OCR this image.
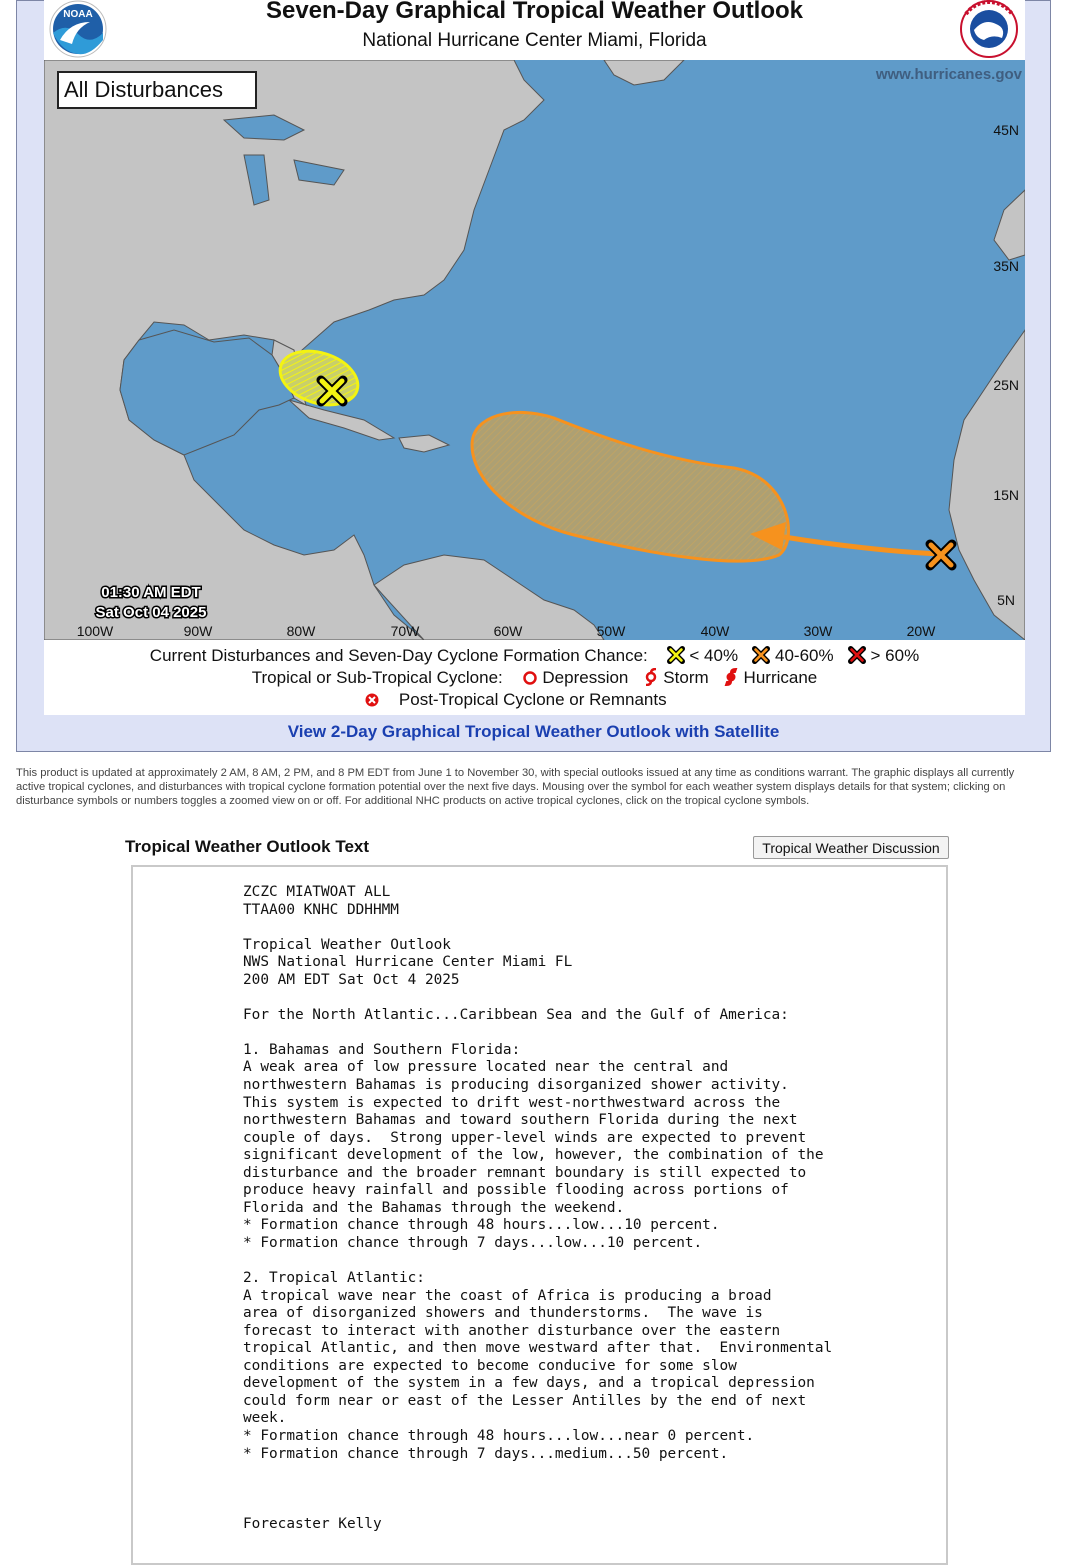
NOAA	Seven-Day Graphical Tropical Weather Outlook
National Hurricane Center Miami, Florida
All Disturbances
www.hurricanes.gov
45N
35N
25N
15N
5N
100W	90W	80W	70W	60W	50W	40W	30W	20W
01:30 AM EDT
Sat Oct 04 2025
Current Disturbances and Seven-Day Cyclone Formation Chance: < 40% 40-60% > 60%
Tropical or Sub-Tropical Cyclone: Depression Storm Hurricane
Post-Tropical Cyclone or Remnants
View 2-Day Graphical Tropical Weather Outlook with Satellite
This product is updated at approximately 2 AM, 8 AM, 2 PM, and 8 PM EDT from June 1 to November 30, with special outlooks issued at any time as conditions warrant. The graphic displays all currently active tropical cyclones, and disturbances with tropical cyclone formation potential over the next five days. Mousing over the symbol for each weather system displays details for that system; clicking on disturbance symbols or numbers toggles a zoomed view on or off. For additional NHC products on active tropical cyclones, click on the tropical cyclone symbols.
Tropical Weather Outlook Text	Tropical Weather Discussion
ZCZC MIATWOAT ALL
TTAA00 KNHC DDHHMM

Tropical Weather Outlook
NWS National Hurricane Center Miami FL
200 AM EDT Sat Oct 4 2025

For the North Atlantic...Caribbean Sea and the Gulf of America:

1. Bahamas and Southern Florida:
A weak area of low pressure located near the central and
northwestern Bahamas is producing disorganized shower activity.
This system is expected to drift west-northwestward across the
northwestern Bahamas and toward southern Florida during the next
couple of days.  Strong upper-level winds are expected to prevent
significant development of the low, however, the combination of the
disturbance and the broader remnant boundary is still expected to
produce heavy rainfall and possible flooding across portions of
Florida and the Bahamas through the weekend.
* Formation chance through 48 hours...low...10 percent.
* Formation chance through 7 days...low...10 percent.

2. Tropical Atlantic:
A tropical wave near the coast of Africa is producing a broad
area of disorganized showers and thunderstorms.  The wave is
forecast to interact with another disturbance over the eastern
tropical Atlantic, and then move westward after that.  Environmental
conditions are expected to become conducive for some slow
development of the system in a few days, and a tropical depression
could form near or east of the Lesser Antilles by the end of next
week.
* Formation chance through 48 hours...low...near 0 percent.
* Formation chance through 7 days...medium...50 percent.

Forecaster Kelly
